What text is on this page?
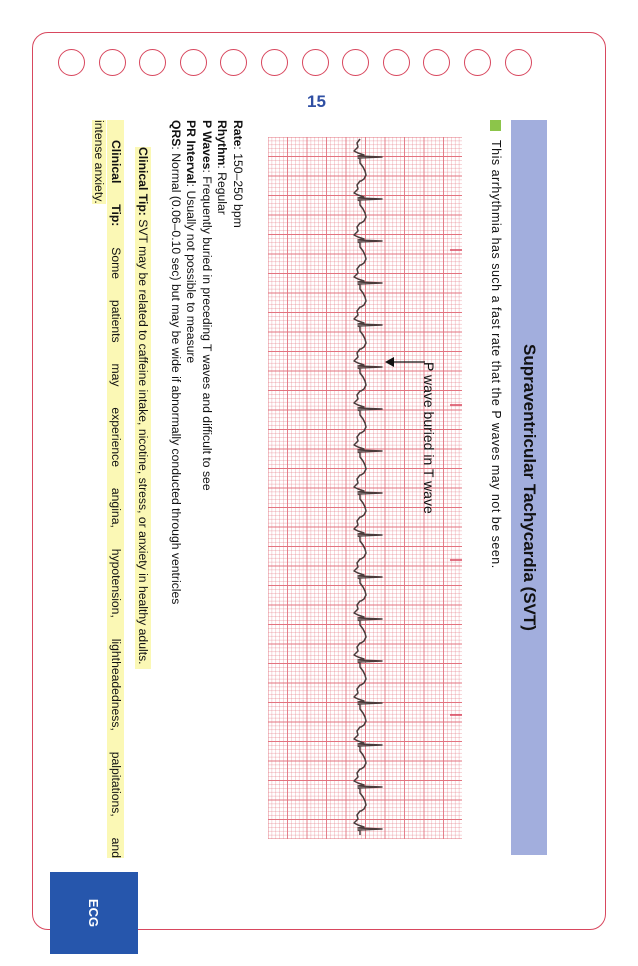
15
ECG
Supraventricular Tachycardia (SVT)
This arrhythmia has such a fast rate that the P waves may not be seen.
P wave buried in T wave
Rate: 150–250 bpm
Rhythm: Regular
P Waves: Frequently buried in preceding T waves and difficult to see
PR Interval: Usually not possible to measure
QRS: Normal (0.06–0.10 sec) but may be wide if abnormally conducted through ventricles
Clinical Tip: SVT may be related to caffeine intake, nicotine, stress, or anxiety in healthy adults.
Clinical Tip: Some patients may experience angina, hypotension, lightheadedness, palpitations, and
intense anxiety.
